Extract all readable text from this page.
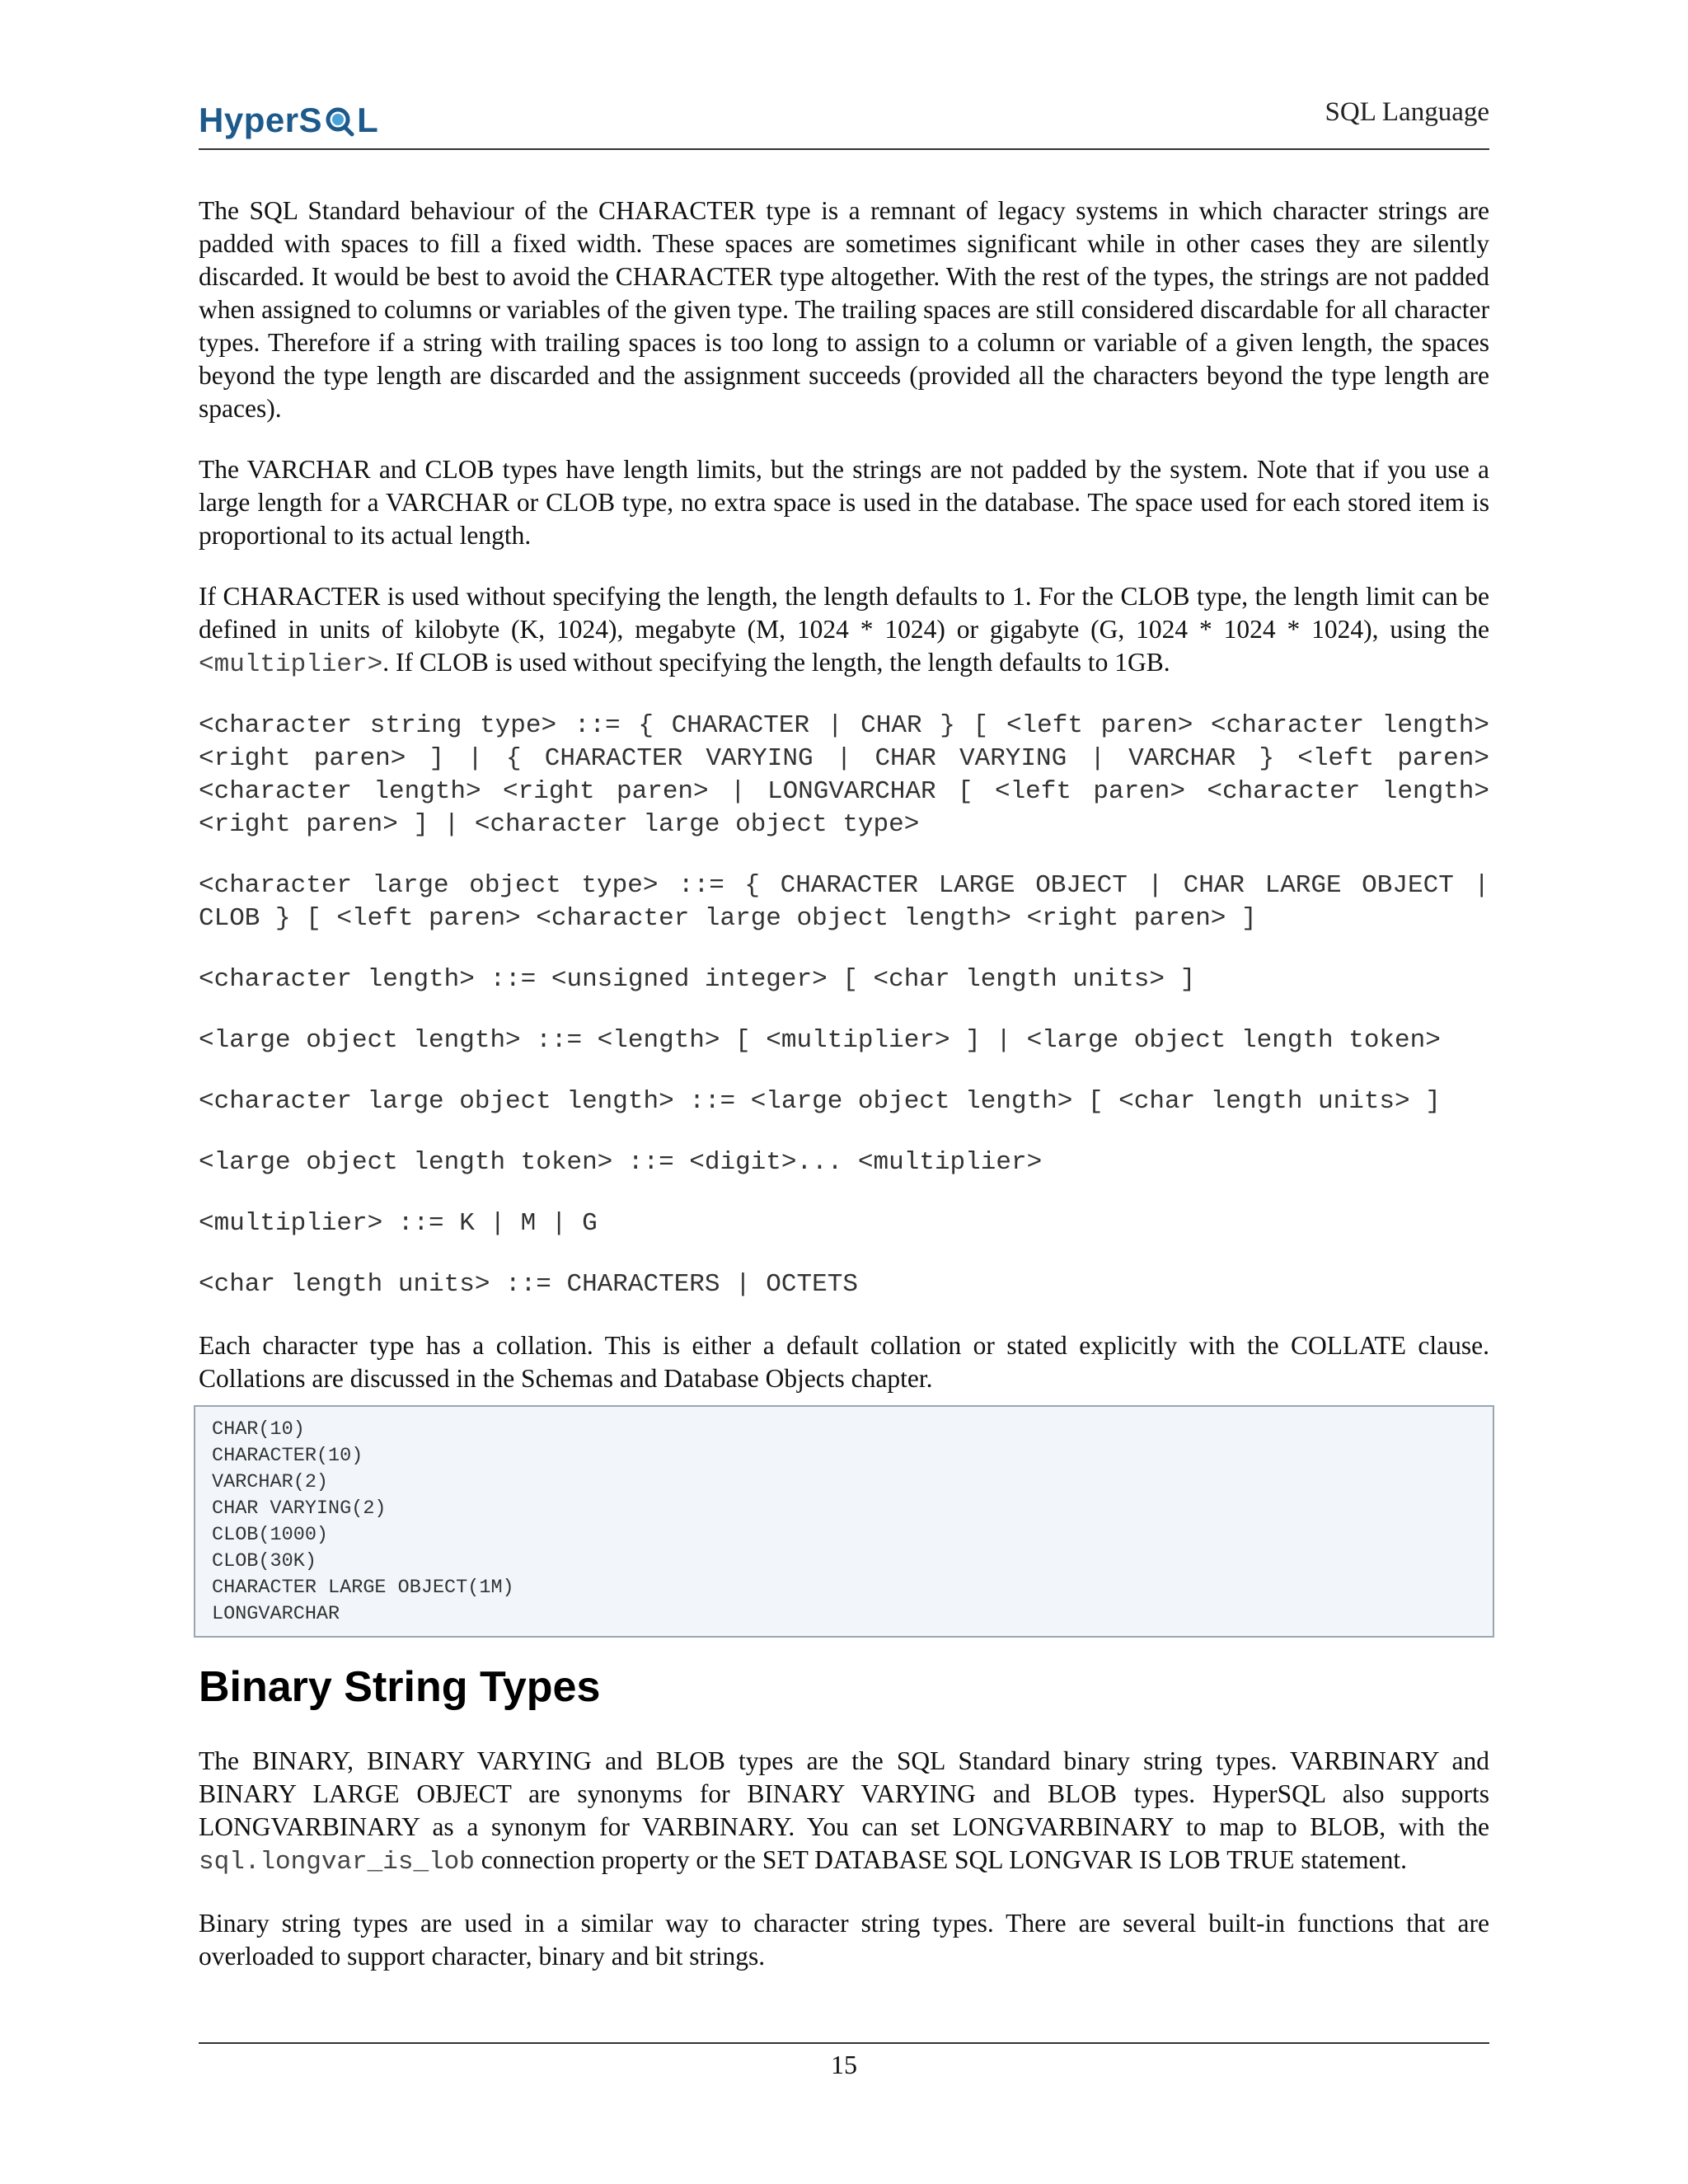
HyperS L	SQL Language

The SQL Standard behaviour of the CHARACTER type is a remnant of legacy systems in which character strings are padded with spaces to fill a fixed width. These spaces are sometimes significant while in other cases they are silently discarded. It would be best to avoid the CHARACTER type altogether. With the rest of the types, the strings are not padded when assigned to columns or variables of the given type. The trailing spaces are still considered discardable for all character types. Therefore if a string with trailing spaces is too long to assign to a column or variable of a given length, the spaces beyond the type length are discarded and the assignment succeeds (provided all the characters beyond the type length are spaces).

The VARCHAR and CLOB types have length limits, but the strings are not padded by the system. Note that if you use a large length for a VARCHAR or CLOB type, no extra space is used in the database. The space used for each stored item is proportional to its actual length.

If CHARACTER is used without specifying the length, the length defaults to 1. For the CLOB type, the length limit can be defined in units of kilobyte (K, 1024), megabyte (M, 1024 * 1024) or gigabyte (G, 1024 * 1024 * 1024), using the <multiplier>. If CLOB is used without specifying the length, the length defaults to 1GB.

<character string type> ::= { CHARACTER | CHAR } [ <left paren> <character length> <right paren> ] | { CHARACTER VARYING | CHAR VARYING | VARCHAR } <left paren> <character length> <right paren> | LONGVARCHAR [ <left paren> <character length> <right paren> ] | <character large object type>
<character large object type> ::= { CHARACTER LARGE OBJECT | CHAR LARGE OBJECT | CLOB } [ <left paren> <character large object length> <right paren> ]
<character length> ::= <unsigned integer> [ <char length units> ]
<large object length> ::= <length> [ <multiplier> ] | <large object length token>
<character large object length> ::= <large object length> [ <char length units> ]
<large object length token> ::= <digit>... <multiplier>
<multiplier> ::= K | M | G
<char length units> ::= CHARACTERS | OCTETS

Each character type has a collation. This is either a default collation or stated explicitly with the COLLATE clause. Collations are discussed in the Schemas and Database Objects chapter.

CHAR(10)
CHARACTER(10)
VARCHAR(2)
CHAR VARYING(2)
CLOB(1000)
CLOB(30K)
CHARACTER LARGE OBJECT(1M)
LONGVARCHAR
Binary String Types

The BINARY, BINARY VARYING and BLOB types are the SQL Standard binary string types. VARBINARY and BINARY LARGE OBJECT are synonyms for BINARY VARYING and BLOB types. HyperSQL also supports LONGVARBINARY as a synonym for VARBINARY. You can set LONGVARBINARY to map to BLOB, with the sql.longvar_is_lob connection property or the SET DATABASE SQL LONGVAR IS LOB TRUE statement.

Binary string types are used in a similar way to character string types. There are several built-in functions that are overloaded to support character, binary and bit strings.

15
